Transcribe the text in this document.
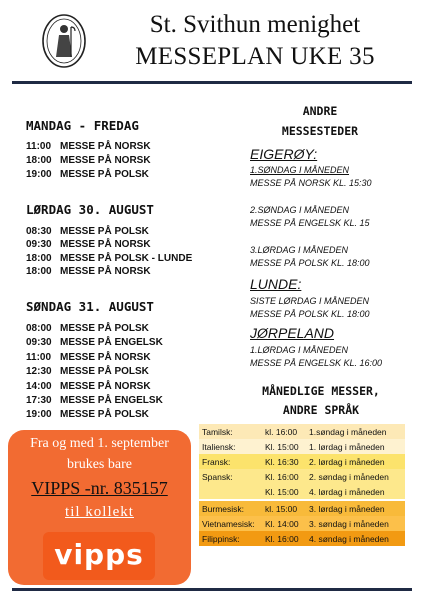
St. Svithun menighet
MESSEPLAN UKE 35
MANDAG - FREDAG
11:00 MESSE PÅ NORSK
18:00 MESSE PÅ NORSK
19:00 MESSE PÅ POLSK
LØRDAG 30. AUGUST
08:30 MESSE PÅ POLSK
09:30 MESSE PÅ NORSK
18:00 MESSE PÅ POLSK - LUNDE
18:00 MESSE PÅ NORSK
SØNDAG 31. AUGUST
08:00 MESSE PÅ POLSK
09:30 MESSE PÅ ENGELSK
11:00 MESSE PÅ NORSK
12:30 MESSE PÅ POLSK
14:00 MESSE PÅ NORSK
17:30 MESSE PÅ ENGELSK
19:00 MESSE PÅ POLSK
ANDRE
MESSESTEDER
EIGERØY:
1.SØNDAG I MÅNEDEN
MESSE PÅ NORSK KL. 15:30
2.SØNDAG I MÅNEDEN
MESSE PÅ ENGELSK KL. 15
3.LØRDAG I MÅNEDEN
MESSE PÅ POLSK KL. 18:00
LUNDE:
SISTE LØRDAG I MÅNEDEN
MESSE PÅ POLSK KL. 18:00
JØRPELAND
1.LØRDAG I MÅNEDEN
MESSE PÅ ENGELSK KL. 16:00
MÅNEDLIGE MESSER,
ANDRE SPRÅK
Tamilsk:	kl. 16:00 1.søndag i måneden
Italiensk:	Kl. 15:00 1. lørdag i måneden
Fransk:	Kl. 16:30 2. lørdag i måneden
Spansk:	Kl. 16:00 2. søndag i måneden
Kl. 15:00 4. lørdag i måneden
Burmesisk: kl. 15:00 3. lørdag i måneden
Vietnamesisk: Kl. 14:00 3. søndag i måneden
Filippinsk:	Kl. 16:00 4. søndag i måneden
Fra og med 1. september
brukes bare
VIPPS -nr. 835157
til kollekt
vipps
